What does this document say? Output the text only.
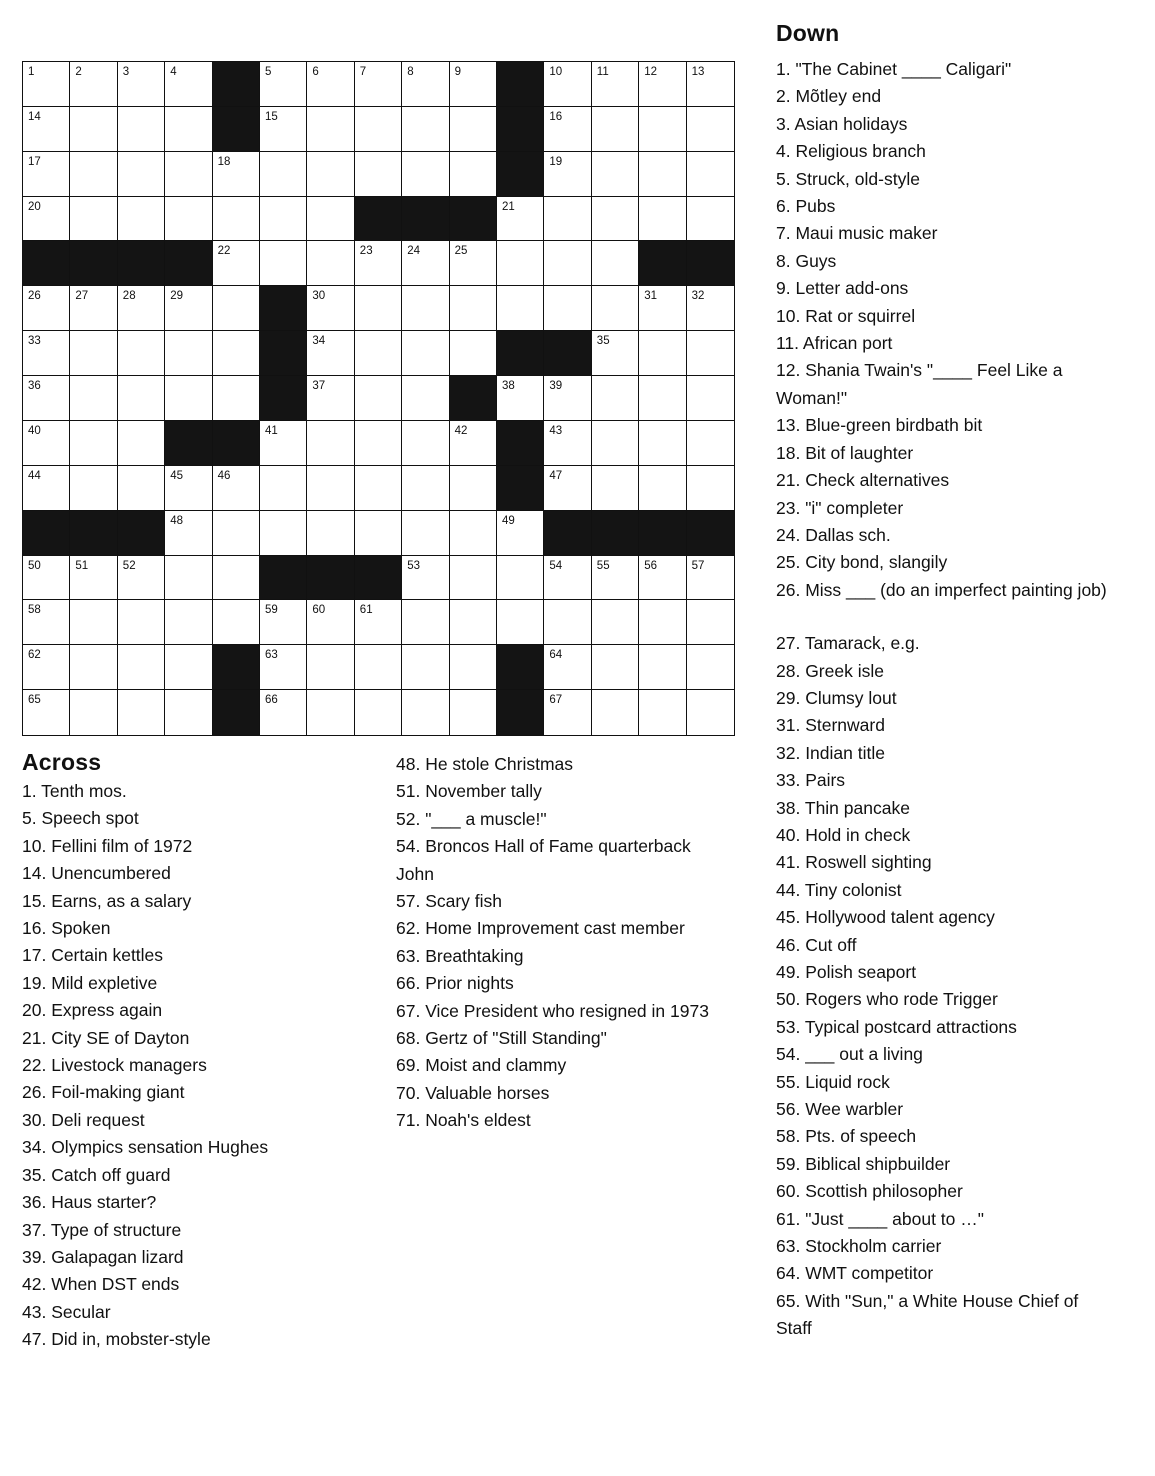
1	2	3	4	5	6	7	8	9	10	11	12	13
14	15	16
17	18	19
20	21
22	23	24	25
26	27	28	29	30	31	32
33	34	35
36	37	38	39
40	41	42	43
44	45	46	47
48	49
50	51	52	53	54	55	56	57
58	59	60	61
62	63	64
65	66	67
Across
1. Tenth mos.
5. Speech spot
10. Fellini film of 1972
14. Unencumbered
15. Earns, as a salary
16. Spoken
17. Certain kettles
19. Mild expletive
20. Express again
21. City SE of Dayton
22. Livestock managers
26. Foil-making giant
30. Deli request
34. Olympics sensation Hughes
35. Catch off guard
36. Haus starter?
37. Type of structure
39. Galapagan lizard
42. When DST ends
43. Secular
47. Did in, mobster-style
48. He stole Christmas
51. November tally
52. "___ a muscle!"
54. Broncos Hall of Fame quarterback
John
57. Scary fish
62. Home Improvement cast member
63. Breathtaking
66. Prior nights
67. Vice President who resigned in 1973
68. Gertz of "Still Standing"
69. Moist and clammy
70. Valuable horses
71. Noah's eldest
Down
1. "The Cabinet ____ Caligari"
2. Mõtley end
3. Asian holidays
4. Religious branch
5. Struck, old-style
6. Pubs
7. Maui music maker
8. Guys
9. Letter add-ons
10. Rat or squirrel
11. African port
12. Shania Twain's "____ Feel Like a
Woman!"
13. Blue-green birdbath bit
18. Bit of laughter
21. Check alternatives
23. "i" completer
24. Dallas sch.
25. City bond, slangily
26. Miss ___ (do an imperfect painting job)
27. Tamarack, e.g.
28. Greek isle
29. Clumsy lout
31. Sternward
32. Indian title
33. Pairs
38. Thin pancake
40. Hold in check
41. Roswell sighting
44. Tiny colonist
45. Hollywood talent agency
46. Cut off
49. Polish seaport
50. Rogers who rode Trigger
53. Typical postcard attractions
54. ___ out a living
55. Liquid rock
56. Wee warbler
58. Pts. of speech
59. Biblical shipbuilder
60. Scottish philosopher
61. "Just ____ about to …"
63. Stockholm carrier
64. WMT competitor
65. With "Sun," a White House Chief of
Staff
